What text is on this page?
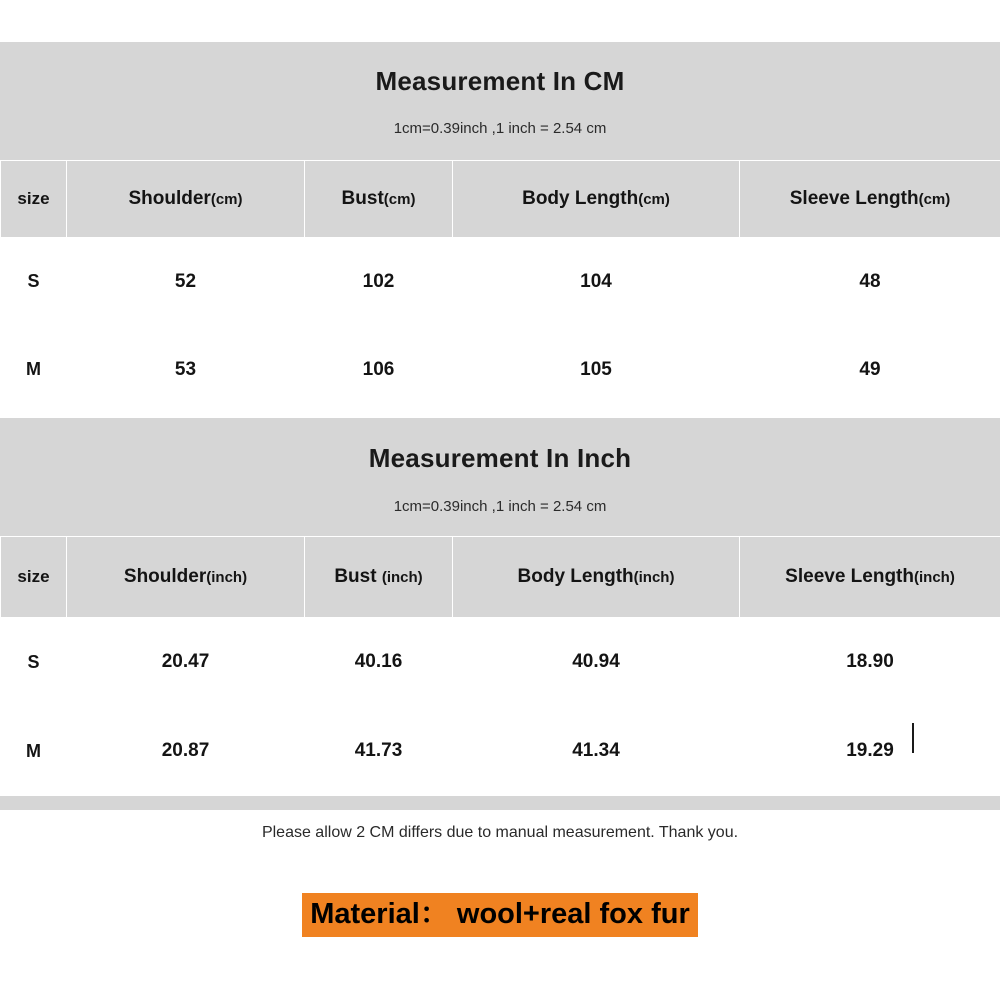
Measurement In CM
1cm=0.39inch ,1 inch = 2.54 cm
size	Shoulder(cm)	Bust(cm)	Body Length(cm)	Sleeve Length(cm)
S	52	102	104	48
M	53	106	105	49
Measurement In Inch
1cm=0.39inch ,1 inch = 2.54 cm
size	Shoulder(inch)	Bust (inch)	Body Length(inch)	Sleeve Length(inch)
S	20.47	40.16	40.94	18.90
M	20.87	41.73	41.34	19.29
Please allow 2 CM differs due to manual measurement. Thank you.
Material： wool+real fox fur
